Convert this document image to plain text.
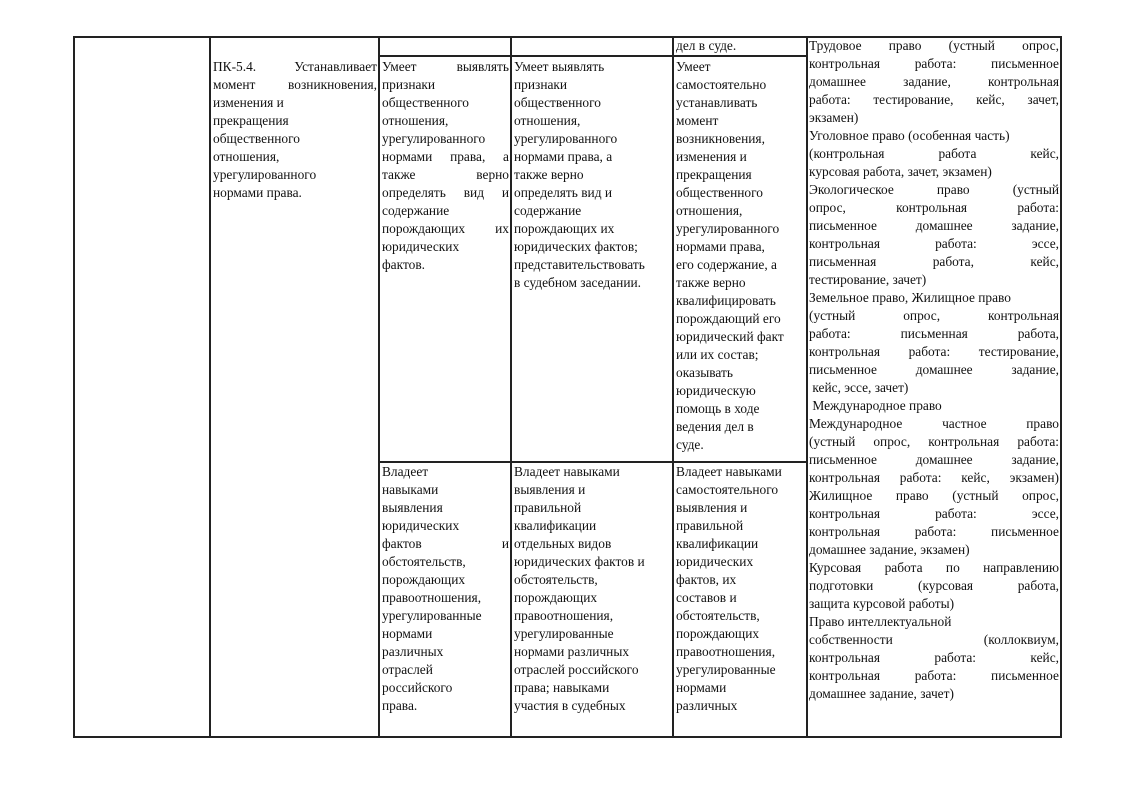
ПК-5.4. Устанавливает
момент возникновения,
изменения и
прекращения
общественного
отношения,
урегулированного
нормами права.
дел в суде.
Умеет выявлять
признаки
общественного
отношения,
урегулированного
нормами права, а
также верно
определять вид и
содержание
порождающих их
юридических
фактов.
Умеет выявлять
признаки
общественного
отношения,
урегулированного
нормами права, а
также верно
определять вид и
содержание
порождающих их
юридических фактов;
представительствовать
в судебном заседании.
Умеет
самостоятельно
устанавливать
момент
возникновения,
изменения и
прекращения
общественного
отношения,
урегулированного
нормами права,
его содержание, а
также верно
квалифицировать
порождающий его
юридический факт
или их состав;
оказывать
юридическую
помощь в ходе
ведения дел в
суде.
Владеет
навыками
выявления
юридических
фактов и
обстоятельств,
порождающих
правоотношения,
урегулированные
нормами
различных
отраслей
российского
права.
Владеет навыками
выявления и
правильной
квалификации
отдельных видов
юридических фактов и
обстоятельств,
порождающих
правоотношения,
урегулированные
нормами различных
отраслей российского
права; навыками
участия в судебных
Владеет навыками
самостоятельного
выявления и
правильной
квалификации
юридических
фактов, их
составов и
обстоятельств,
порождающих
правоотношения,
урегулированные
нормами
различных
Трудовое право (устный опрос,
контрольная работа: письменное
домашнее задание, контрольная
работа: тестирование, кейс, зачет,
экзамен)
Уголовное право (особенная часть)
(контрольная работа кейс,
курсовая работа, зачет, экзамен)
Экологическое право (устный
опрос, контрольная работа:
письменное домашнее задание,
контрольная работа: эссе,
письменная работа, кейс,
тестирование, зачет)
Земельное право, Жилищное право
(устный опрос, контрольная
работа: письменная работа,
контрольная работа: тестирование,
письменное домашнее задание,
кейс, эссе, зачет)
Международное право
Международное частное право
(устный опрос, контрольная работа:
письменное домашнее задание,
контрольная работа: кейс, экзамен)
Жилищное право (устный опрос,
контрольная работа: эссе,
контрольная работа: письменное
домашнее задание, экзамен)
Курсовая работа по направлению
подготовки (курсовая работа,
защита курсовой работы)
Право интеллектуальной
собственности (коллоквиум,
контрольная работа: кейс,
контрольная работа: письменное
домашнее задание, зачет)
